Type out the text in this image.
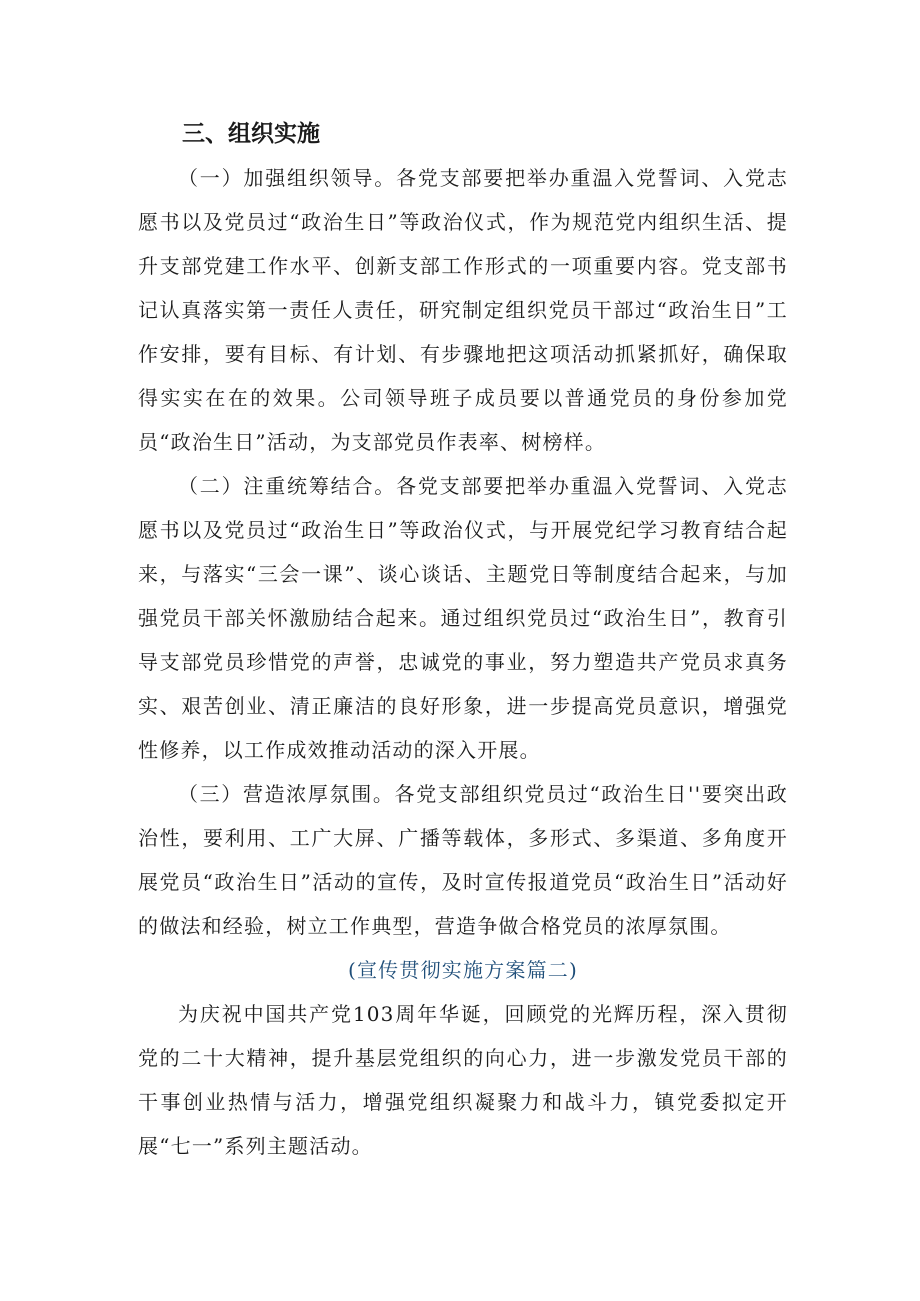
三、组织实施

（一）加强组织领导。各党支部要把举办重温入党誓词、入党志愿书以及党员过“政治生日”等政治仪式，作为规范党内组织生活、提升支部党建工作水平、创新支部工作形式的一项重要内容。党支部书记认真落实第一责任人责任，研究制定组织党员干部过“政治生日”工作安排，要有目标、有计划、有步骤地把这项活动抓紧抓好，确保取得实实在在的效果。公司领导班子成员要以普通党员的身份参加党员“政治生日”活动，为支部党员作表率、树榜样。

（二）注重统筹结合。各党支部要把举办重温入党誓词、入党志愿书以及党员过“政治生日”等政治仪式，与开展党纪学习教育结合起来，与落实“三会一课”、谈心谈话、主题党日等制度结合起来，与加强党员干部关怀激励结合起来。通过组织党员过“政治生日”，教育引导支部党员珍惜党的声誉，忠诚党的事业，努力塑造共产党员求真务实、艰苦创业、清正廉洁的良好形象，进一步提高党员意识，增强党性修养，以工作成效推动活动的深入开展。

（三）营造浓厚氛围。各党支部组织党员过“政治生日''要突出政治性，要利用、工广大屏、广播等载体，多形式、多渠道、多角度开展党员“政治生日”活动的宣传，及时宣传报道党员“政治生日”活动好的做法和经验，树立工作典型，营造争做合格党员的浓厚氛围。

(宣传贯彻实施方案篇二)

为庆祝中国共产党103周年华诞，回顾党的光辉历程，深入贯彻党的二十大精神，提升基层党组织的向心力，进一步激发党员干部的干事创业热情与活力，增强党组织凝聚力和战斗力，镇党委拟定开展“七一”系列主题活动。
